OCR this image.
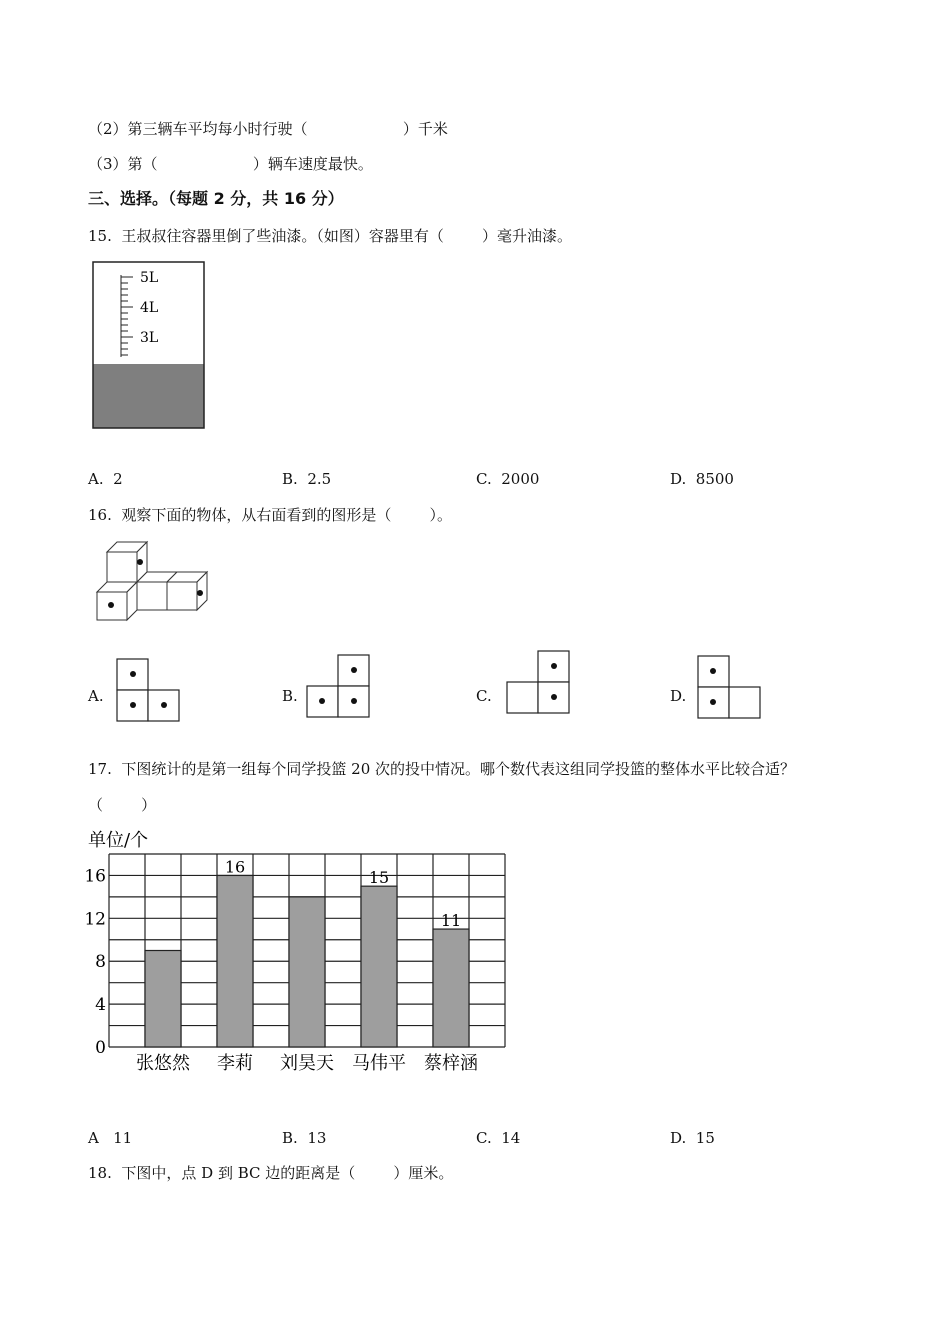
（2）第三辆车平均每小时行驶（                    ）千米
（3）第（                    ）辆车速度最快。
三、选择。（每题 2 分，共 16 分）
15.  王叔叔往容器里倒了些油漆。（如图）容器里有（        ）毫升油漆。
5L
4L
3L
A.  2	B.  2.5	C.  2000	D.  8500
16.  观察下面的物体，从右面看到的图形是（        ）。
A.	B.	C.	D.
17.  下图统计的是第一组每个同学投篮 20 次的投中情况。哪个数代表这组同学投篮的整体水平比较合适？
（        ）
单位/个
0
4
8
12
16
张悠然
16
李莉 刘昊天
15
马伟平
11
蔡梓涵
A   11	B.  13	C.  14	D.  15
18.  下图中，点 D 到 BC 边的距离是（        ）厘米。
